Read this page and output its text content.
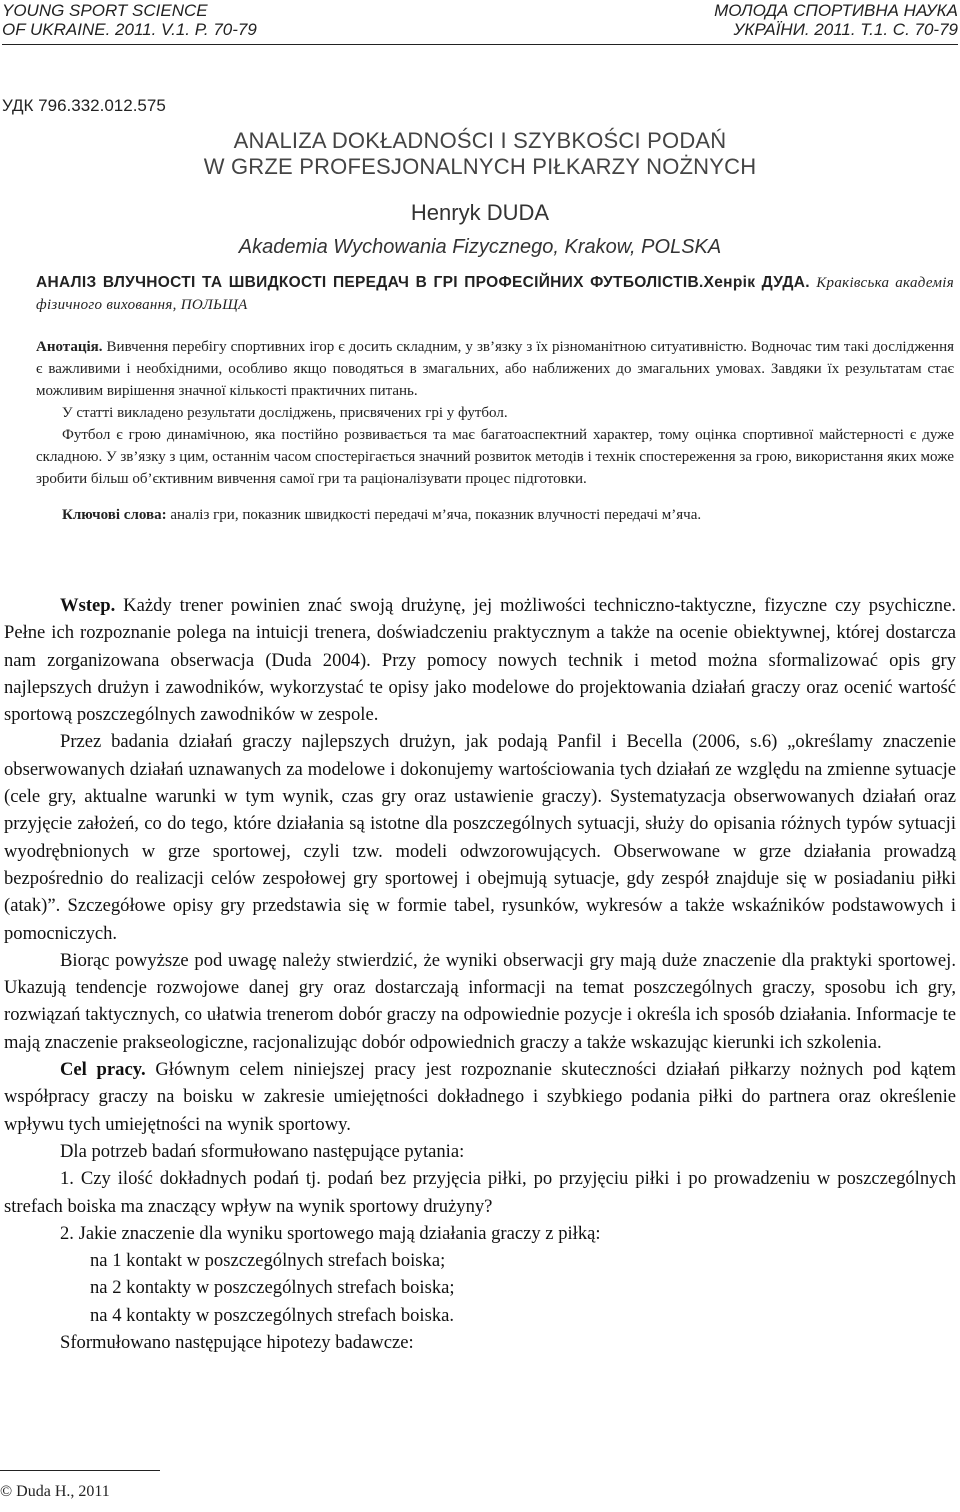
YOUNG SPORT SCIENCE
OF UKRAINE. 2011. V.1. P. 70-79
МОЛОДА СПОРТИВНА НАУКА
УКРАЇНИ. 2011. Т.1. С. 70-79
УДК 796.332.012.575
ANALIZA DOKŁADNOŚCI I SZYBKOŚCI PODAŃ
W GRZE PROFESJONALNYCH PIŁKARZY NOŻNYCH
Henryk DUDA
Akademia Wychowania Fizycznego, Krakow, POLSKA

АНАЛІЗ ВЛУЧНОСТІ ТА ШВИДКОСТІ ПЕРЕДАЧ В ГРІ ПРОФЕСІЙНИХ ФУТБОЛІСТІВ.Хенрік ДУДА. Краківська академія фізичного виховання, ПОЛЬЩА

Анотація. Вивчення перебігу спортивних ігор є досить складним, у зв’язку з їх різноманітною ситуативністю. Водночас тим такі дослідження є важливими і необхідними, особливо якщо поводяться в змагальних, або наближених до змагальних умовах. Завдяки їх результатам стає можливим вирішення значної кількості практичних питань.

У статті викладено результати досліджень, присвячених грі у футбол.

Футбол є грою динамічною, яка постійно розвивається та має багатоаспектний характер, тому оцінка спортивної майстерності є дуже складною. У зв’язку з цим, останнім часом спостерігається значний розвиток методів і технік спостереження за грою, використання яких може зробити більш об’єктивним вивчення самої гри та раціоналізувати процес підготовки.

Ключові слова: аналіз гри, показник швидкості передачі м’яча, показник влучності передачі м’яча.

Wstep. Każdy trener powinien znać swoją drużynę, jej możliwości techniczno-taktyczne, fizyczne czy psychiczne. Pełne ich rozpoznanie polega na intuicji trenera, doświadczeniu praktycznym a także na ocenie obiektywnej, której dostarcza nam zorganizowana obserwacja (Duda 2004). Przy pomocy nowych technik i metod można sformalizować opis gry najlepszych drużyn i zawodników, wykorzystać te opisy jako modelowe do projektowania działań graczy oraz ocenić wartość sportową poszczególnych zawodników w zespole.

Przez badania działań graczy najlepszych drużyn, jak podają Panfil i Becella (2006, s.6) „określamy znaczenie obserwowanych działań uznawanych za modelowe i dokonujemy wartościowania tych działań ze względu na zmienne sytuacje (cele gry, aktualne warunki w tym wynik, czas gry oraz ustawienie graczy). Systematyzacja obserwowanych działań oraz przyjęcie założeń, co do tego, które działania są istotne dla poszczególnych sytuacji, służy do opisania różnych typów sytuacji wyodrębnionych w grze sportowej, czyli tzw. modeli odwzorowujących. Obserwowane w grze działania prowadzą bezpośrednio do realizacji celów zespołowej gry sportowej i obejmują sytuacje, gdy zespół znajduje się w posiadaniu piłki (atak)”. Szczegółowe opisy gry przedstawia się w formie tabel, rysunków, wykresów a także wskaźników podstawowych i pomocniczych.

Biorąc powyższe pod uwagę należy stwierdzić, że wyniki obserwacji gry mają duże znaczenie dla praktyki sportowej. Ukazują tendencje rozwojowe danej gry oraz dostarczają informacji na temat poszczególnych graczy, sposobu ich gry, rozwiązań taktycznych, co ułatwia trenerom dobór graczy na odpowiednie pozycje i określa ich sposób działania. Informacje te mają znaczenie prakseologiczne, racjonalizując dobór odpowiednich graczy a także wskazując kierunki ich szkolenia.

Cel pracy. Głównym celem niniejszej pracy jest rozpoznanie skuteczności działań piłkarzy nożnych pod kątem współpracy graczy na boisku w zakresie umiejętności dokładnego i szybkiego podania piłki do partnera oraz określenie wpływu tych umiejętności na wynik sportowy.

Dla potrzeb badań sformułowano następujące pytania:

1. Czy ilość dokładnych podań tj. podań bez przyjęcia piłki, po przyjęciu piłki i po prowadzeniu w poszczególnych strefach boiska ma znaczący wpływ na wynik sportowy drużyny?

2. Jakie znaczenie dla wyniku sportowego mają działania graczy z piłką:

na 1 kontakt w poszczególnych strefach boiska;

na 2 kontakty w poszczególnych strefach boiska;

na 4 kontakty w poszczególnych strefach boiska.

Sformułowano następujące hipotezy badawcze:

© Duda H., 2011
